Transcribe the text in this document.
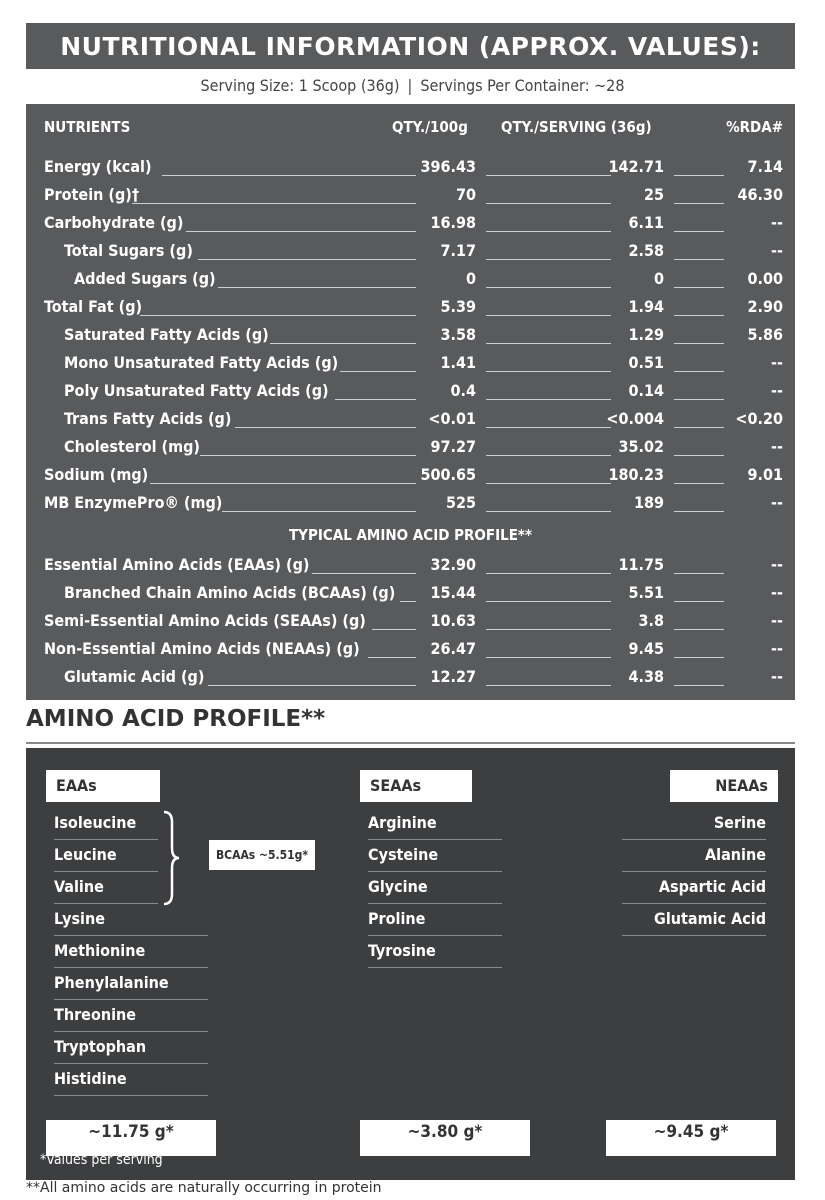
NUTRITIONAL INFORMATION (APPROX. VALUES):
Serving Size: 1 Scoop (36g) | Servings Per Container: ~28
NUTRIENTS	QTY./100g QTY./SERVING (36g)	%RDA#
TYPICAL AMINO ACID PROFILE**
Energy (kcal)	396.43	142.71	7.14
Protein (g)†	70	25	46.30
Carbohydrate (g)	16.98	6.11	--
Total Sugars (g)	7.17	2.58	--
Added Sugars (g)	0	0	0.00
Total Fat (g)	5.39	1.94	2.90
Saturated Fatty Acids (g)	3.58	1.29	5.86
Mono Unsaturated Fatty Acids (g)	1.41	0.51	--
Poly Unsaturated Fatty Acids (g)	0.4	0.14	--
Trans Fatty Acids (g)	<0.01	<0.004	<0.20
Cholesterol (mg)	97.27	35.02	--
Sodium (mg)	500.65	180.23	9.01
MB EnzymePro® (mg)	525	189	--
Essential Amino Acids (EAAs) (g)	32.90	11.75	--
Branched Chain Amino Acids (BCAAs) (g) 15.44	5.51	--
Semi-Essential Amino Acids (SEAAs) (g)	10.63	3.8	--
Non-Essential Amino Acids (NEAAs) (g)	26.47	9.45	--
Glutamic Acid (g)	12.27	4.38	--
AMINO ACID PROFILE**
EAAs	SEAAs	NEAAs
BCAAs ~5.51g*
~11.75 g*	~3.80 g*	~9.45 g*
*Values per serving
Isoleucine
Leucine
Valine
Lysine
Methionine
Phenylalanine
Threonine
Tryptophan
Histidine
Arginine
Cysteine
Glycine
Proline
Tyrosine
Serine
Alanine
Aspartic Acid
Glutamic Acid
**All amino acids are naturally occurring in protein
